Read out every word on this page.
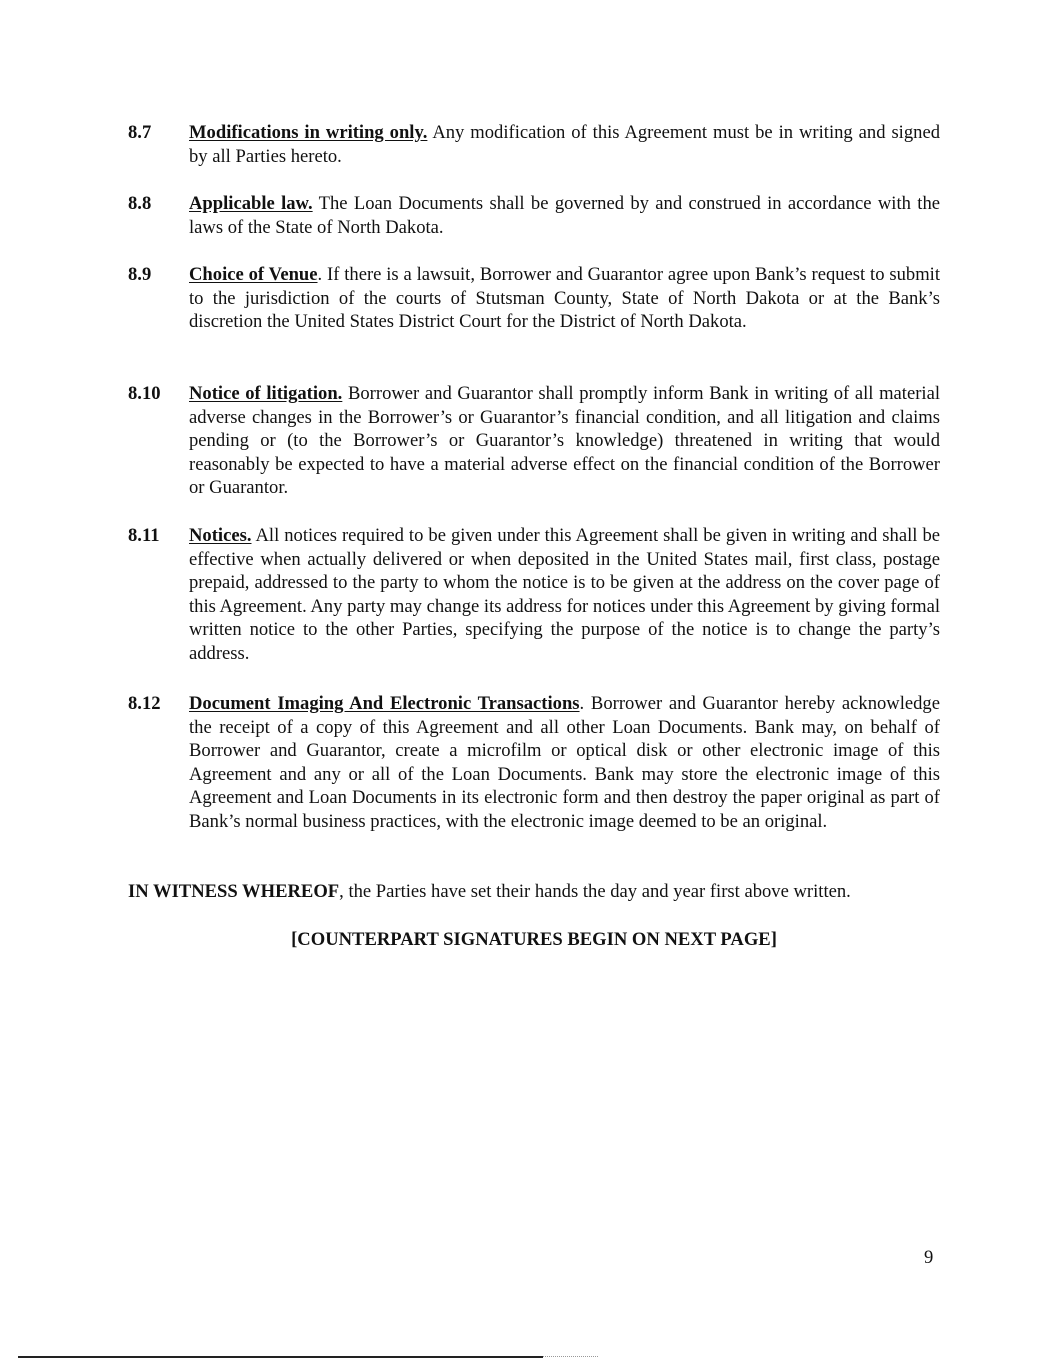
8.7	Modifications in writing only. Any modification of this Agreement must be in writing and signed by all Parties hereto.
8.8	Applicable law. The Loan Documents shall be governed by and construed in accordance with the laws of the State of North Dakota.
8.9	Choice of Venue. If there is a lawsuit, Borrower and Guarantor agree upon Bank’s request to submit to the jurisdiction of the courts of Stutsman County, State of North Dakota or at the Bank’s discretion the United States District Court for the District of North Dakota.
8.10	Notice of litigation. Borrower and Guarantor shall promptly inform Bank in writing of all material adverse changes in the Borrower’s or Guarantor’s financial condition, and all litigation and claims pending or (to the Borrower’s or Guarantor’s knowledge) threatened in writing that would reasonably be expected to have a material adverse effect on the financial condition of the Borrower or Guarantor.
8.11	Notices. All notices required to be given under this Agreement shall be given in writing and shall be effective when actually delivered or when deposited in the United States mail, first class, postage prepaid, addressed to the party to whom the notice is to be given at the address on the cover page of this Agreement. Any party may change its address for notices under this Agreement by giving formal written notice to the other Parties, specifying the purpose of the notice is to change the party’s address.
8.12	Document Imaging And Electronic Transactions. Borrower and Guarantor hereby acknowledge the receipt of a copy of this Agreement and all other Loan Documents. Bank may, on behalf of Borrower and Guarantor, create a microfilm or optical disk or other electronic image of this Agreement and any or all of the Loan Documents. Bank may store the electronic image of this Agreement and Loan Documents in its electronic form and then destroy the paper original as part of Bank’s normal business practices, with the electronic image deemed to be an original.
IN WITNESS WHEREOF, the Parties have set their hands the day and year first above written.
[COUNTERPART SIGNATURES BEGIN ON NEXT PAGE]
9
